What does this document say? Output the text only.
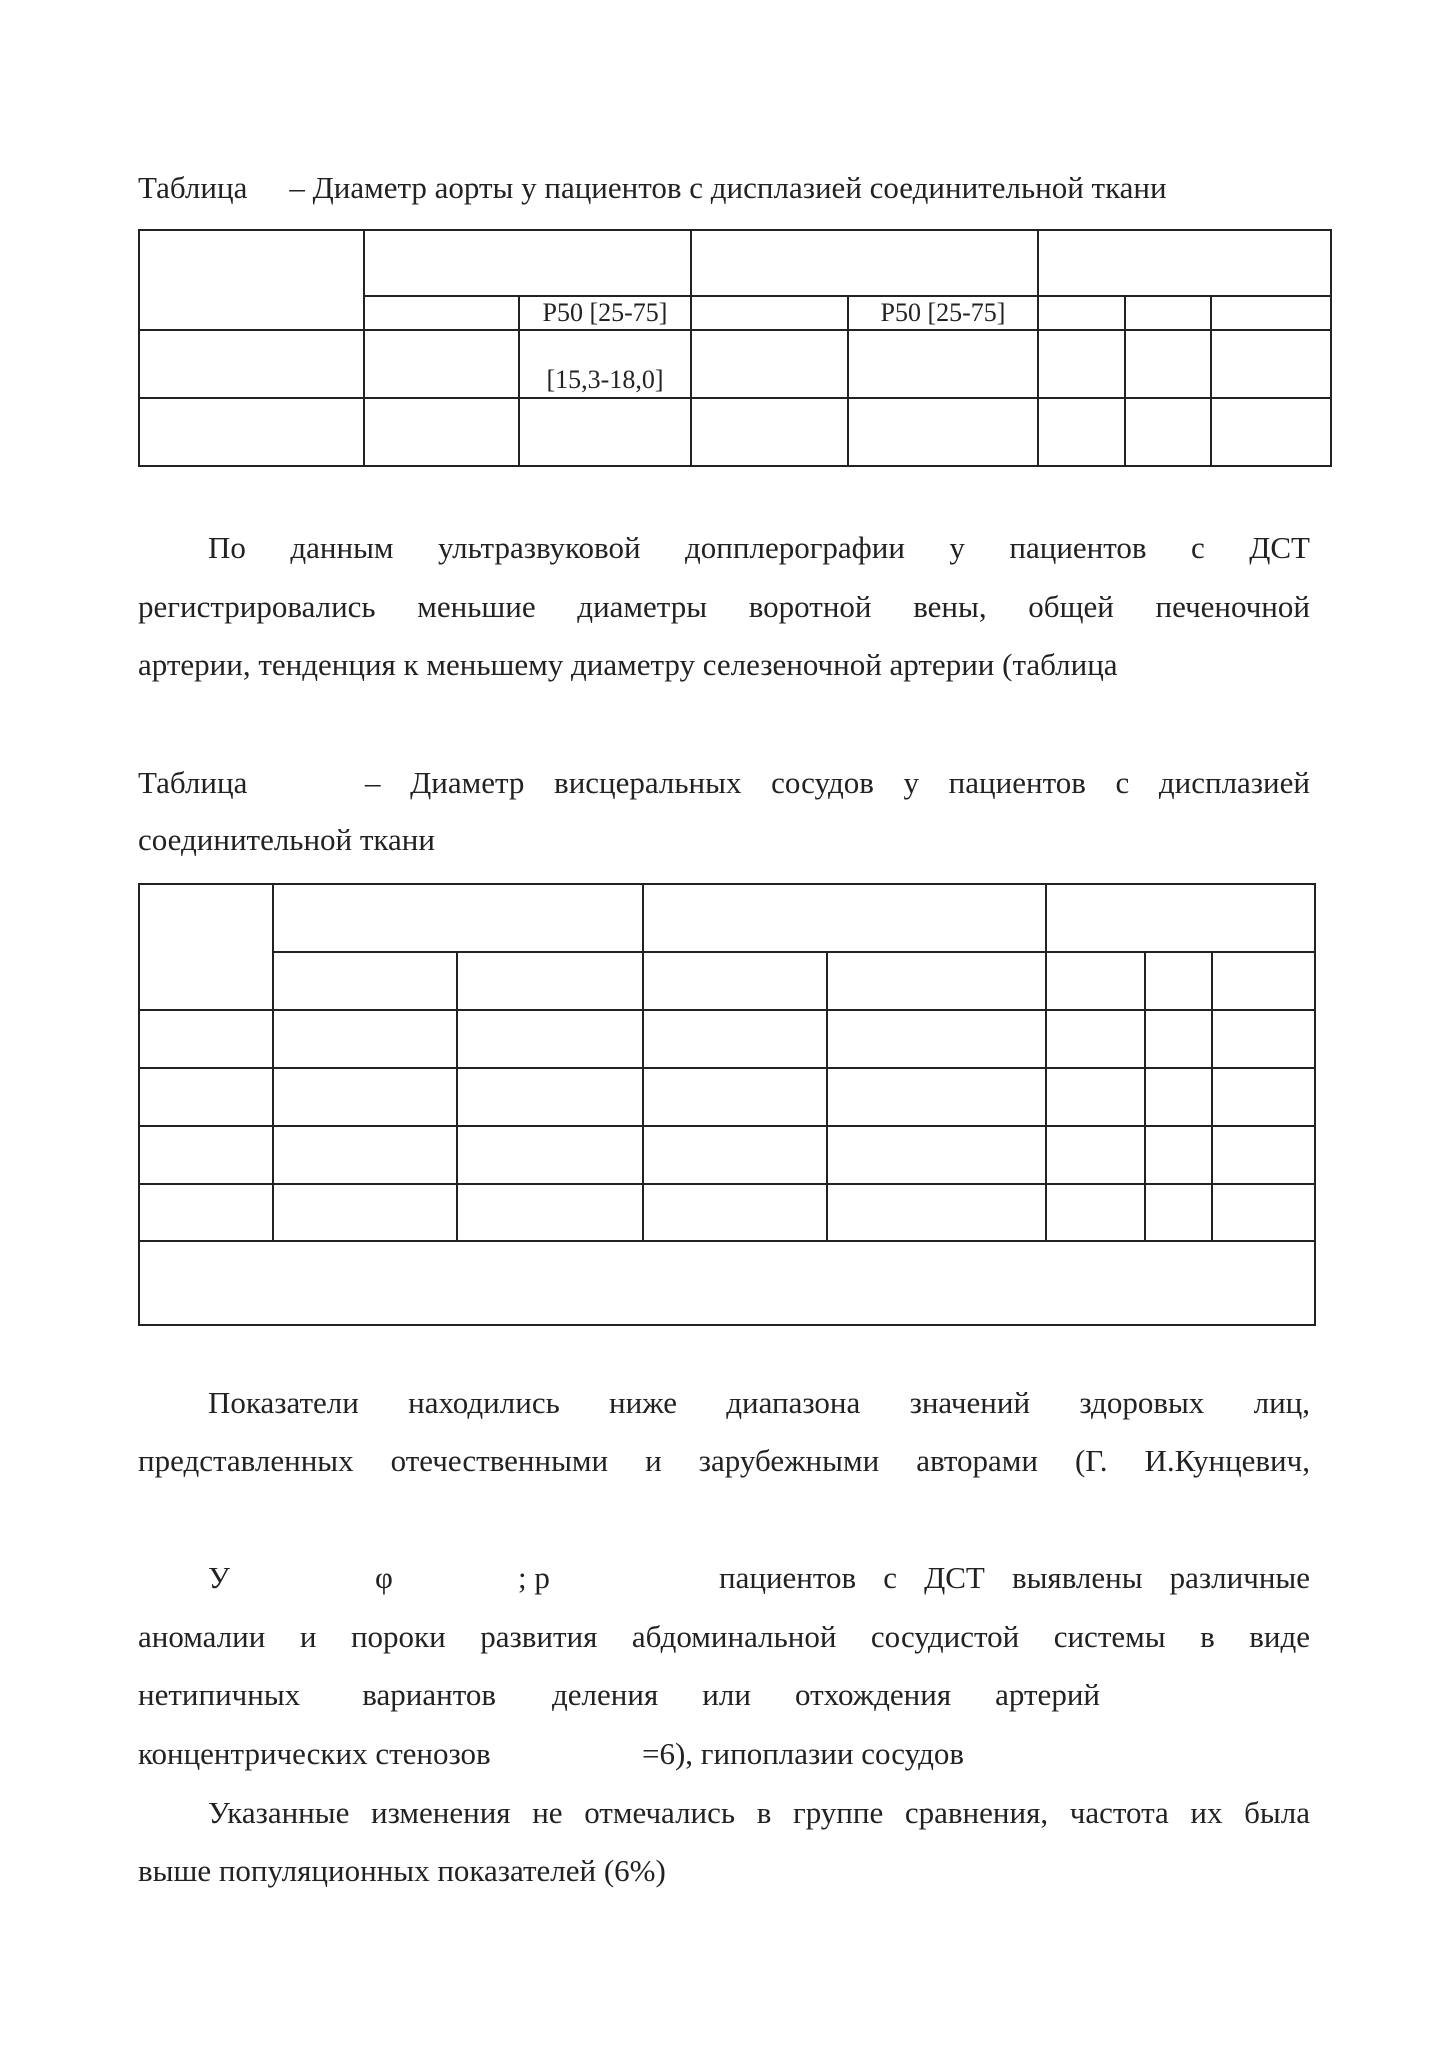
Таблица – Диаметр аорты у пациентов с дисплазией соединительной ткани

		P50 [25-75]		P50 [25-75]			
		[15,3-18,0]					

По данным ультразвуковой допплерографии у пациентов с ДСТ
регистрировались меньшие диаметры воротной вены, общей печеночной
артерии, тенденция к меньшему диаметру селезеночной артерии (таблица
Таблица	– Диаметр висцеральных сосудов у пациентов с дисплазией
соединительной ткани

Показатели находились ниже диапазона значений здоровых лиц,
представленных отечественными и зарубежными авторами (Г. И.Кунцевич,
У	φ	; р	пациентов с ДСТ выявлены различные
аномалии и пороки развития абдоминальной сосудистой системы в виде
нетипичных вариантов деления или отхождения артерий
концентрических стенозов	=6), гипоплазии сосудов
Указанные изменения не отмечались в группе сравнения, частота их была
выше популяционных показателей (6%)
